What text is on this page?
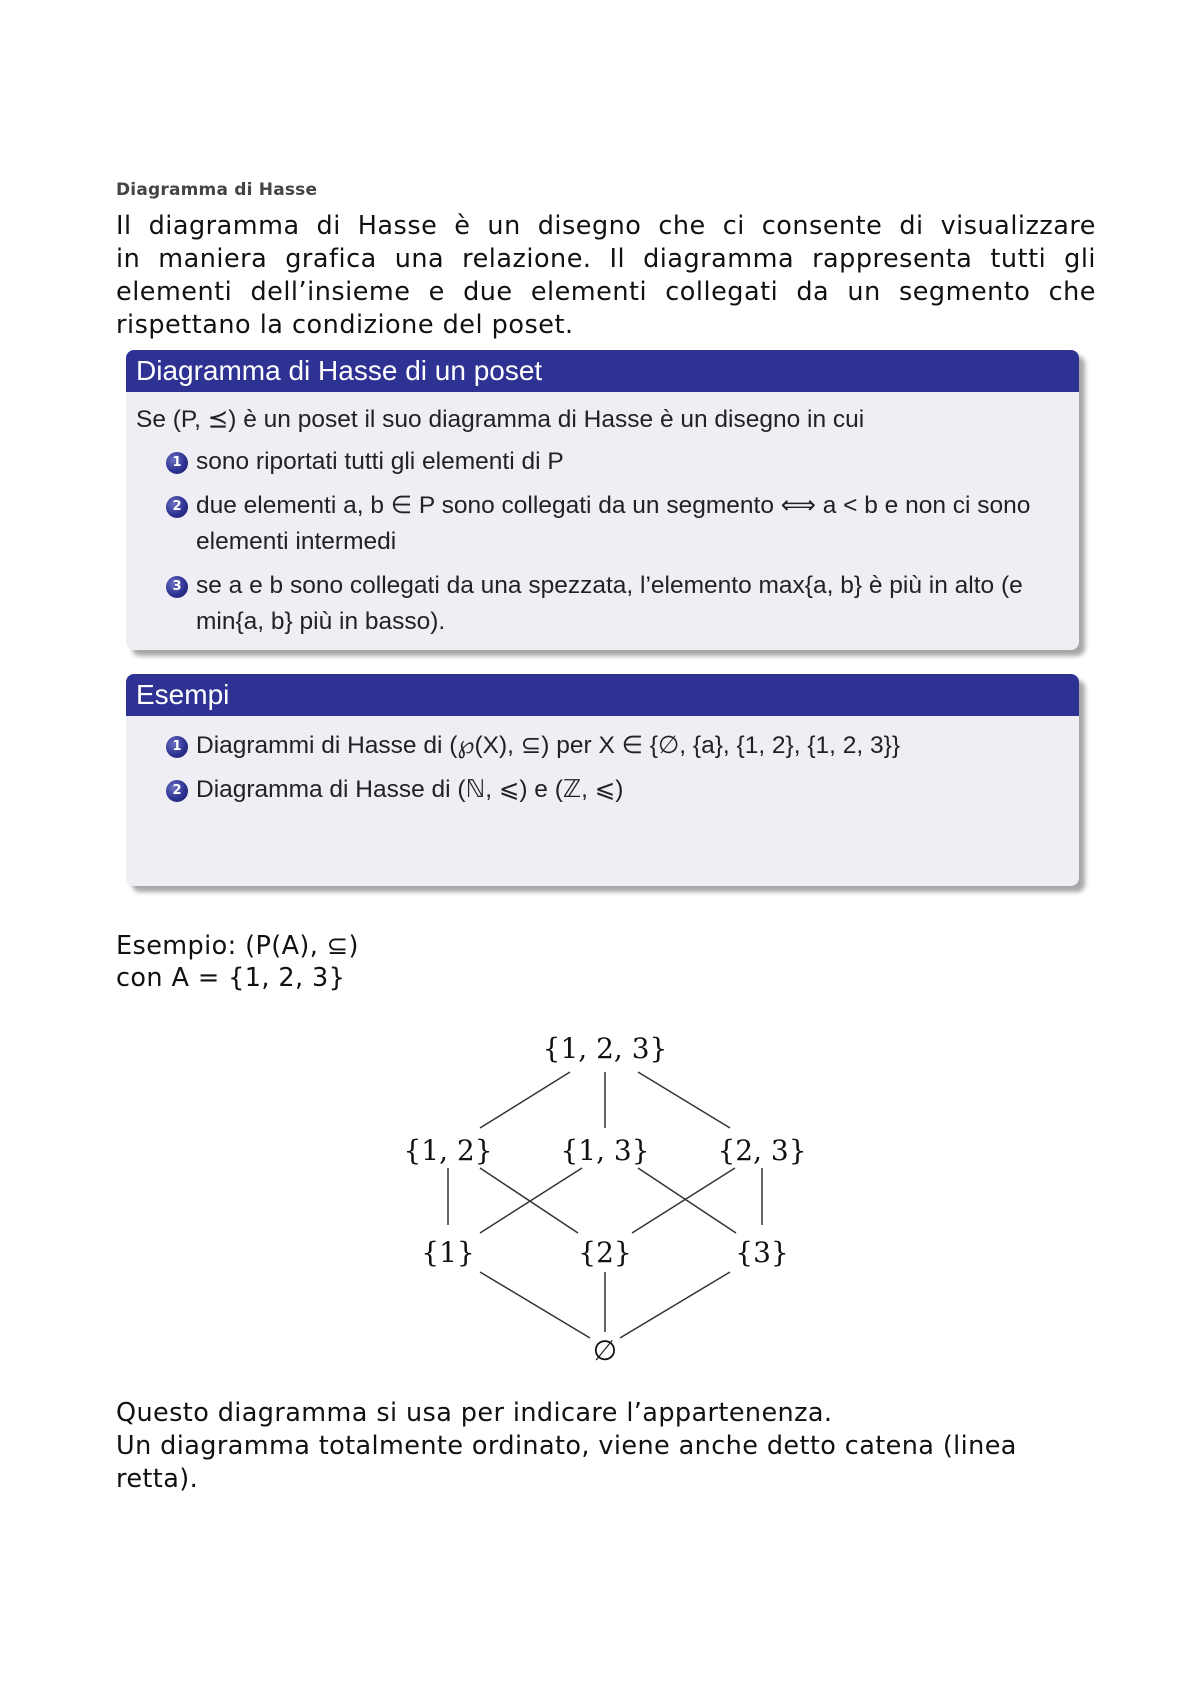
Diagramma di Hasse
Il diagramma di Hasse è un disegno che ci consente di visualizzare
in maniera grafica una relazione. Il diagramma rappresenta tutti gli
elementi dell’insieme e due elementi collegati da un segmento che
rispettano la condizione del poset.
Diagramma di Hasse di un poset
Se (P, ⪯) è un poset il suo diagramma di Hasse è un disegno in cui
1 sono riportati tutti gli elementi di P
2 due elementi a, b ∈ P sono collegati da un segmento ⟺ a < b e non ci sono elementi intermedi
3 se a e b sono collegati da una spezzata, l’elemento max{a, b} è più in alto (e min{a, b} più in basso).
Esempi
1 Diagrammi di Hasse di (℘(X), ⊆) per X ∈ {∅, {a}, {1, 2}, {1, 2, 3}}
2 Diagramma di Hasse di (ℕ, ⩽) e (ℤ, ⩽)
Esempio: (P(A), ⊆)
con A = {1, 2, 3}
{1, 2, 3}
{1, 2} {1, 3} {2, 3}
{1}	{2}	{3}
∅
Questo diagramma si usa per indicare l’appartenenza.
Un diagramma totalmente ordinato, viene anche detto catena (linea
retta).
